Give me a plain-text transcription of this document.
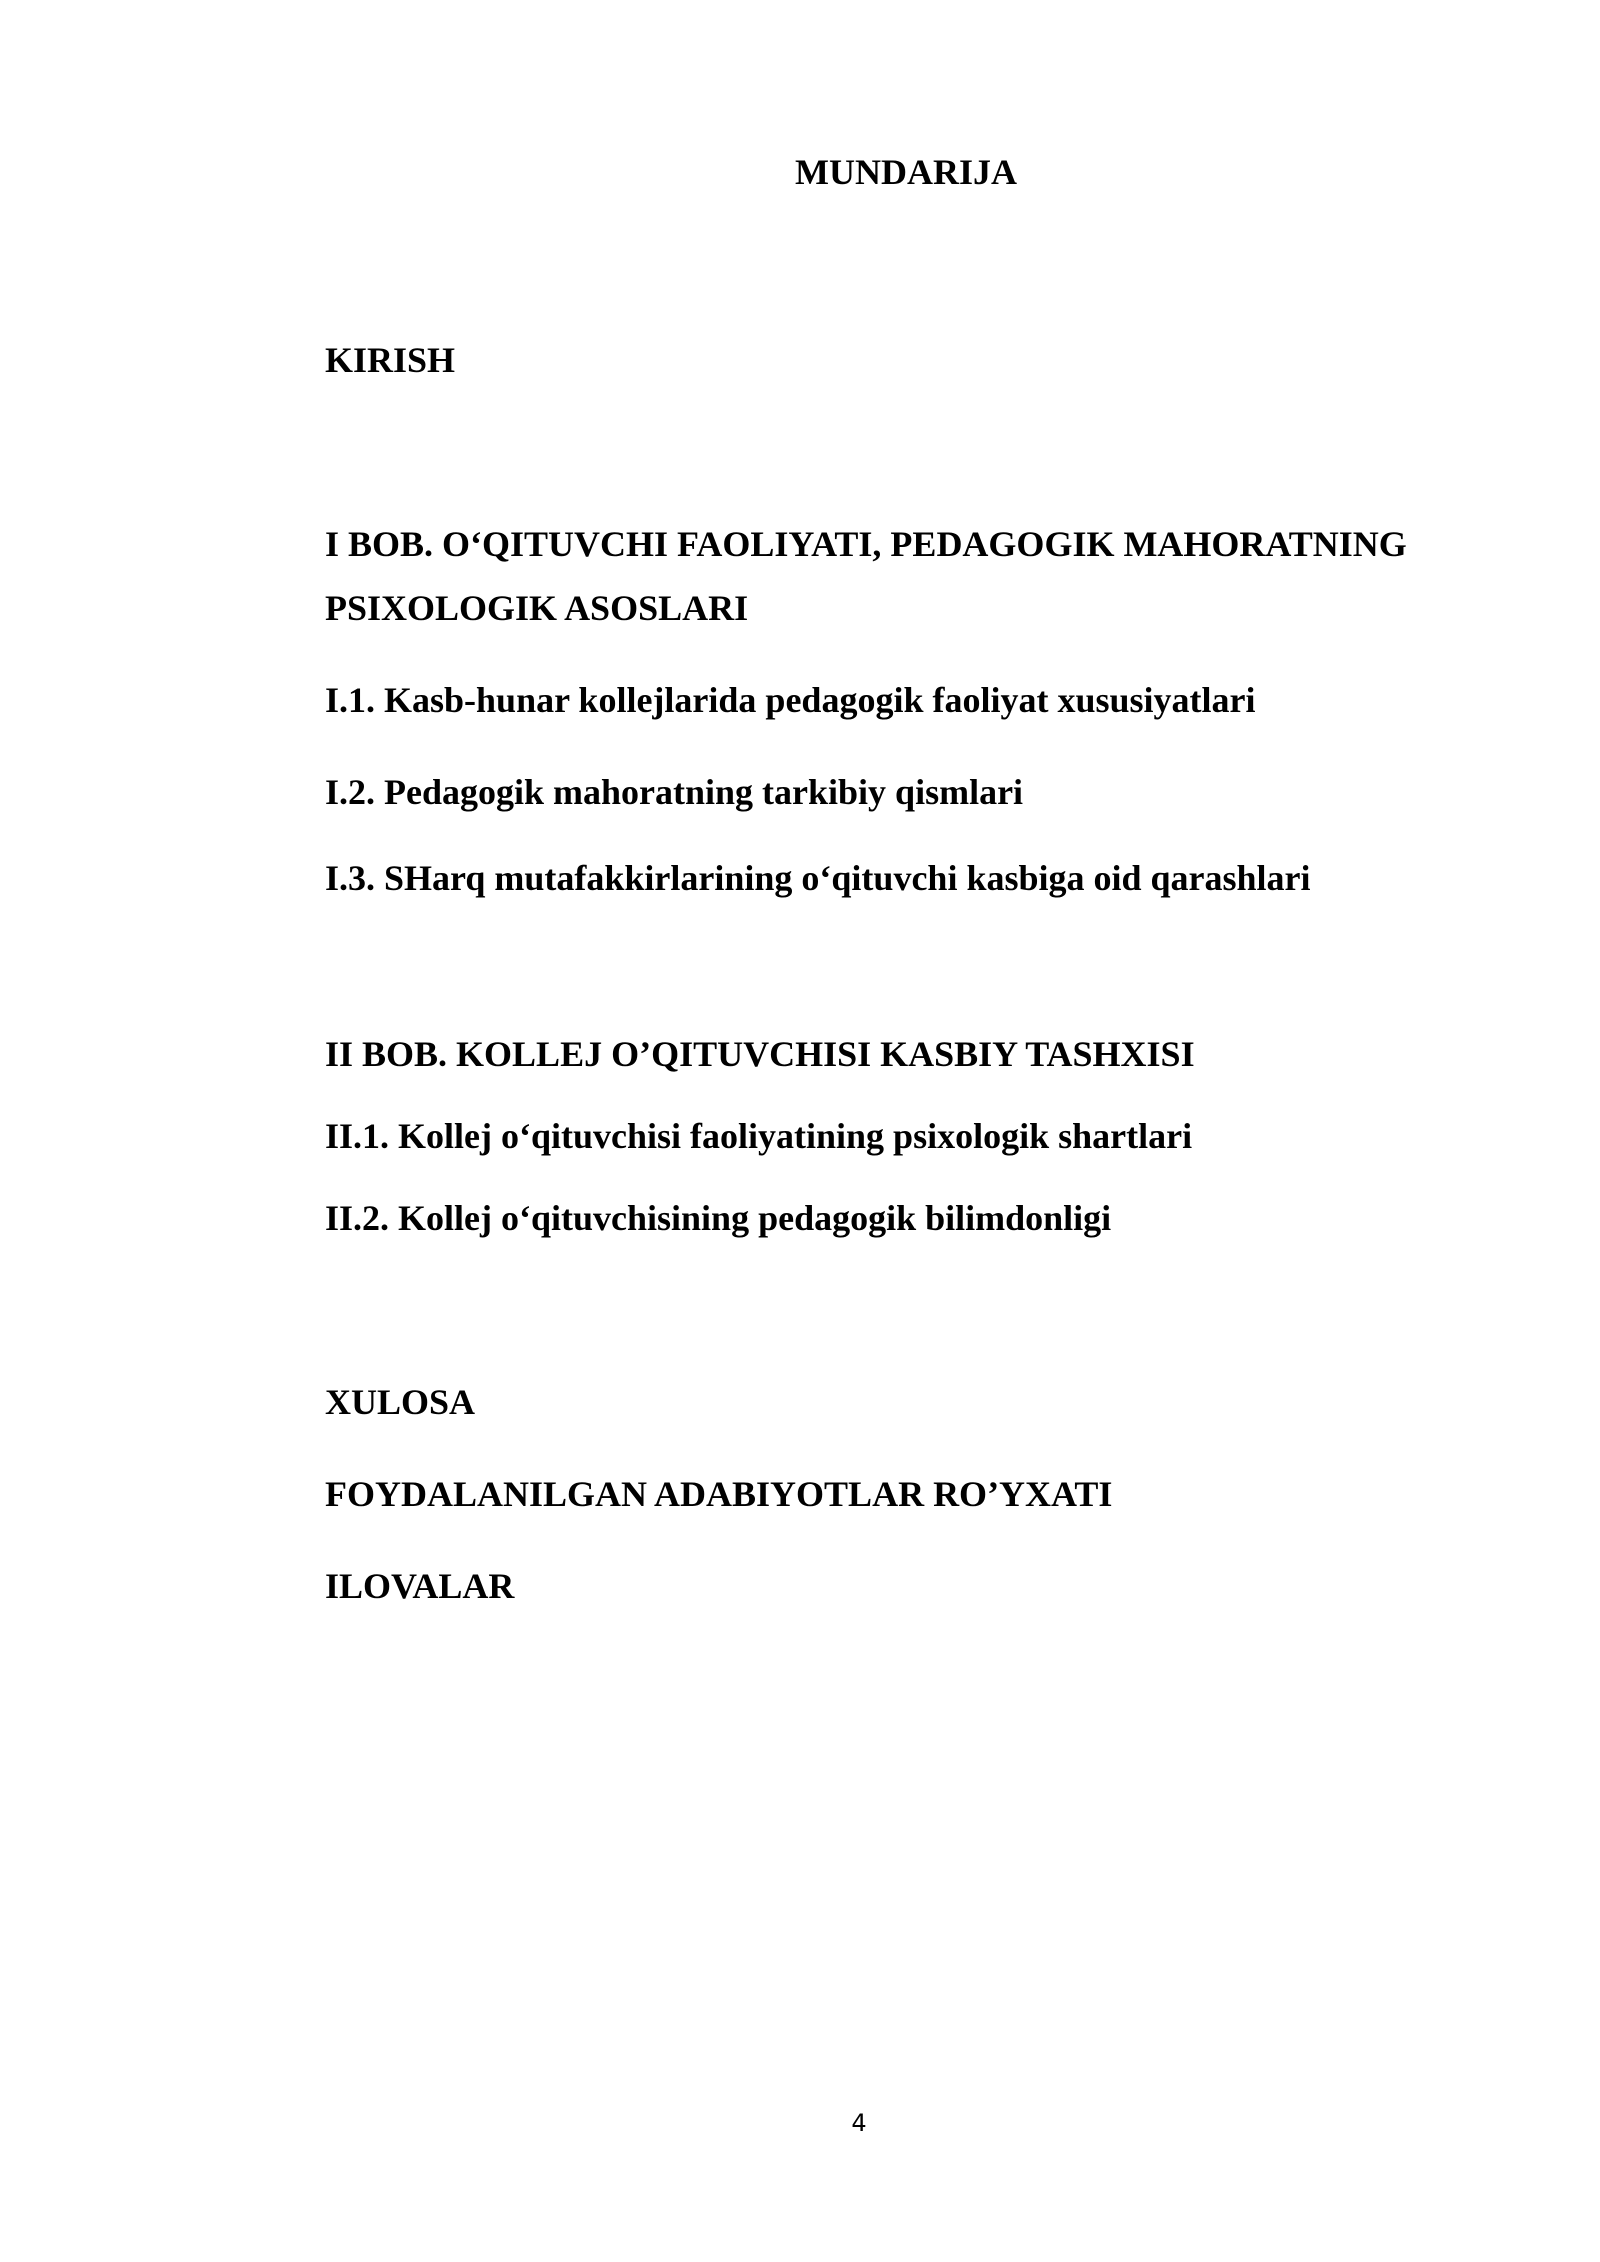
MUNDARIJA
KIRISH
I BOB. O‘QITUVCHI FAOLIYATI, PEDAGOGIK MAHORATNING
PSIXOLOGIK ASOSLARI
I.1. Kasb-hunar kollejlarida pedagogik faoliyat xususiyatlari
I.2. Pedagogik mahoratning tarkibiy qismlari
I.3. SHarq mutafakkirlarining o‘qituvchi kasbiga oid qarashlari
II BOB. KOLLEJ O’QITUVCHISI KASBIY TASHXISI
II.1. Kollej o‘qituvchisi faoliyatining psixologik shartlari
II.2. Kollej o‘qituvchisining pedagogik bilimdonligi
XULOSA
FOYDALANILGAN ADABIYOTLAR RO’YXATI
ILOVALAR
4
